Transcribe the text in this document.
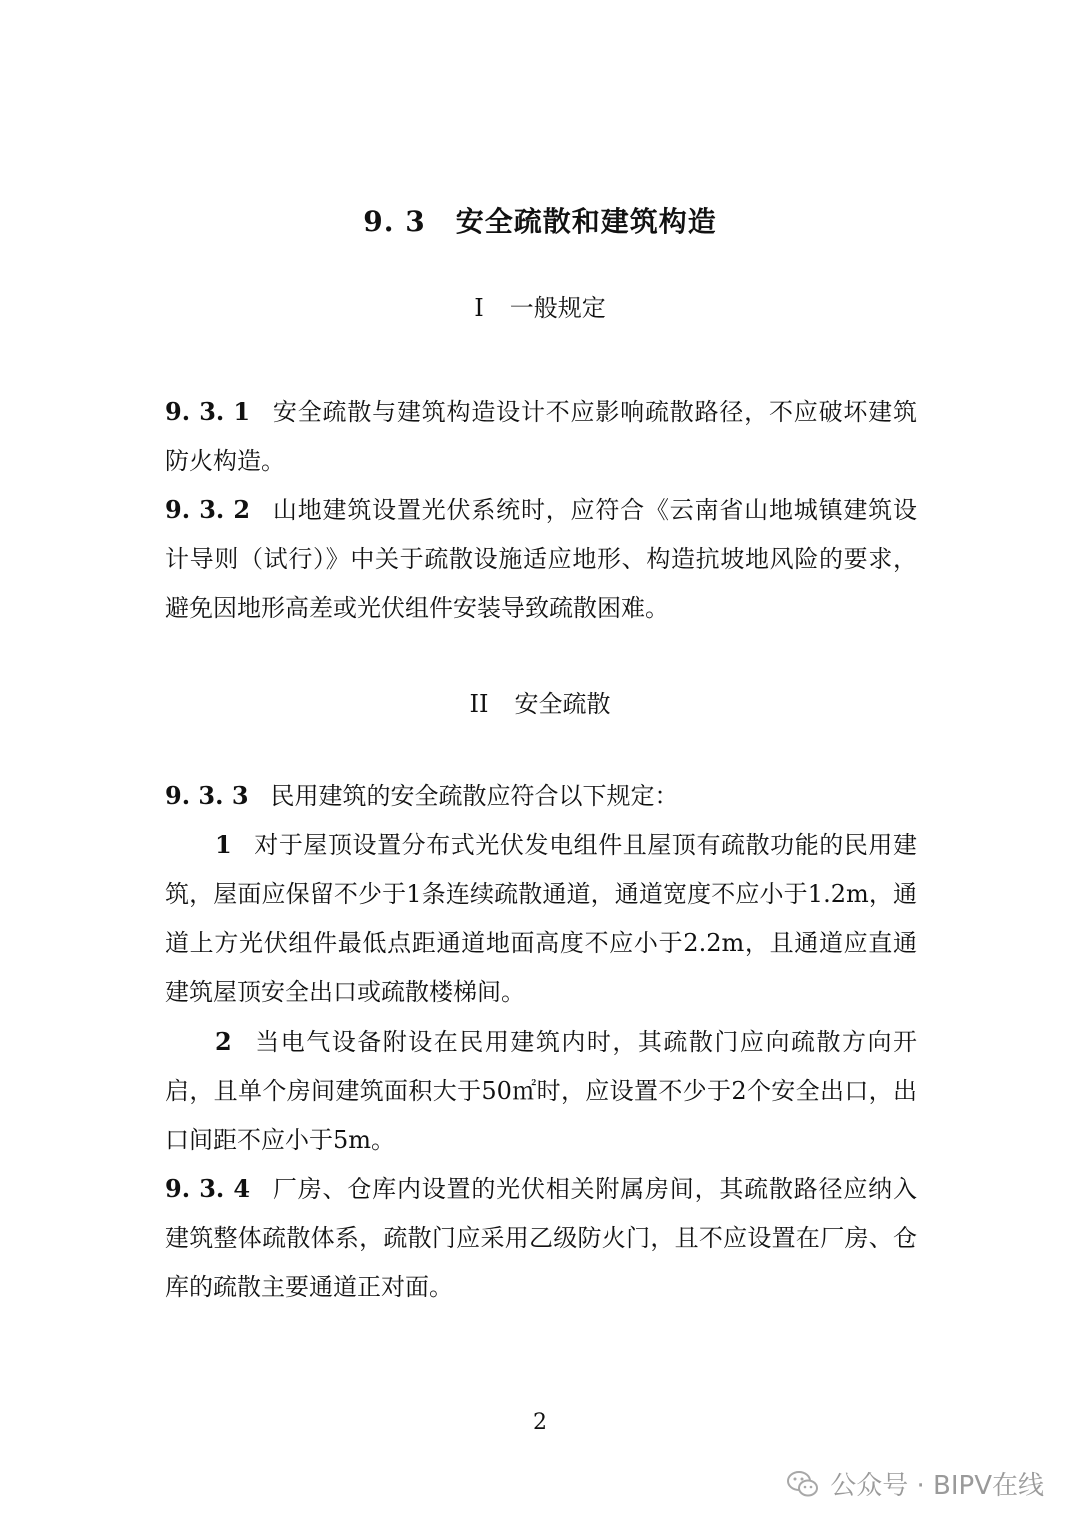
9. 3 安全疏散和建筑构造
I 一般规定
9. 3. 1 安全疏散与建筑构造设计不应影响疏散路径，不应破坏建筑防火构造。
9. 3. 2 山地建筑设置光伏系统时，应符合《云南省山地城镇建筑设计导则（试行）》中关于疏散设施适应地形、构造抗坡地风险的要求，避免因地形高差或光伏组件安装导致疏散困难。
II 安全疏散
9. 3. 3 民用建筑的安全疏散应符合以下规定：
1 对于屋顶设置分布式光伏发电组件且屋顶有疏散功能的民用建筑，屋面应保留不少于1条连续疏散通道，通道宽度不应小于1.2m，通道上方光伏组件最低点距通道地面高度不应小于2.2m，且通道应直通建筑屋顶安全出口或疏散楼梯间。
2 当电气设备附设在民用建筑内时，其疏散门应向疏散方向开启，且单个房间建筑面积大于50㎡时，应设置不少于2个安全出口，出口间距不应小于5m。
9. 3. 4 厂房、仓库内设置的光伏相关附属房间，其疏散路径应纳入建筑整体疏散体系，疏散门应采用乙级防火门，且不应设置在厂房、仓库的疏散主要通道正对面。
2
公众号 · BIPV在线
